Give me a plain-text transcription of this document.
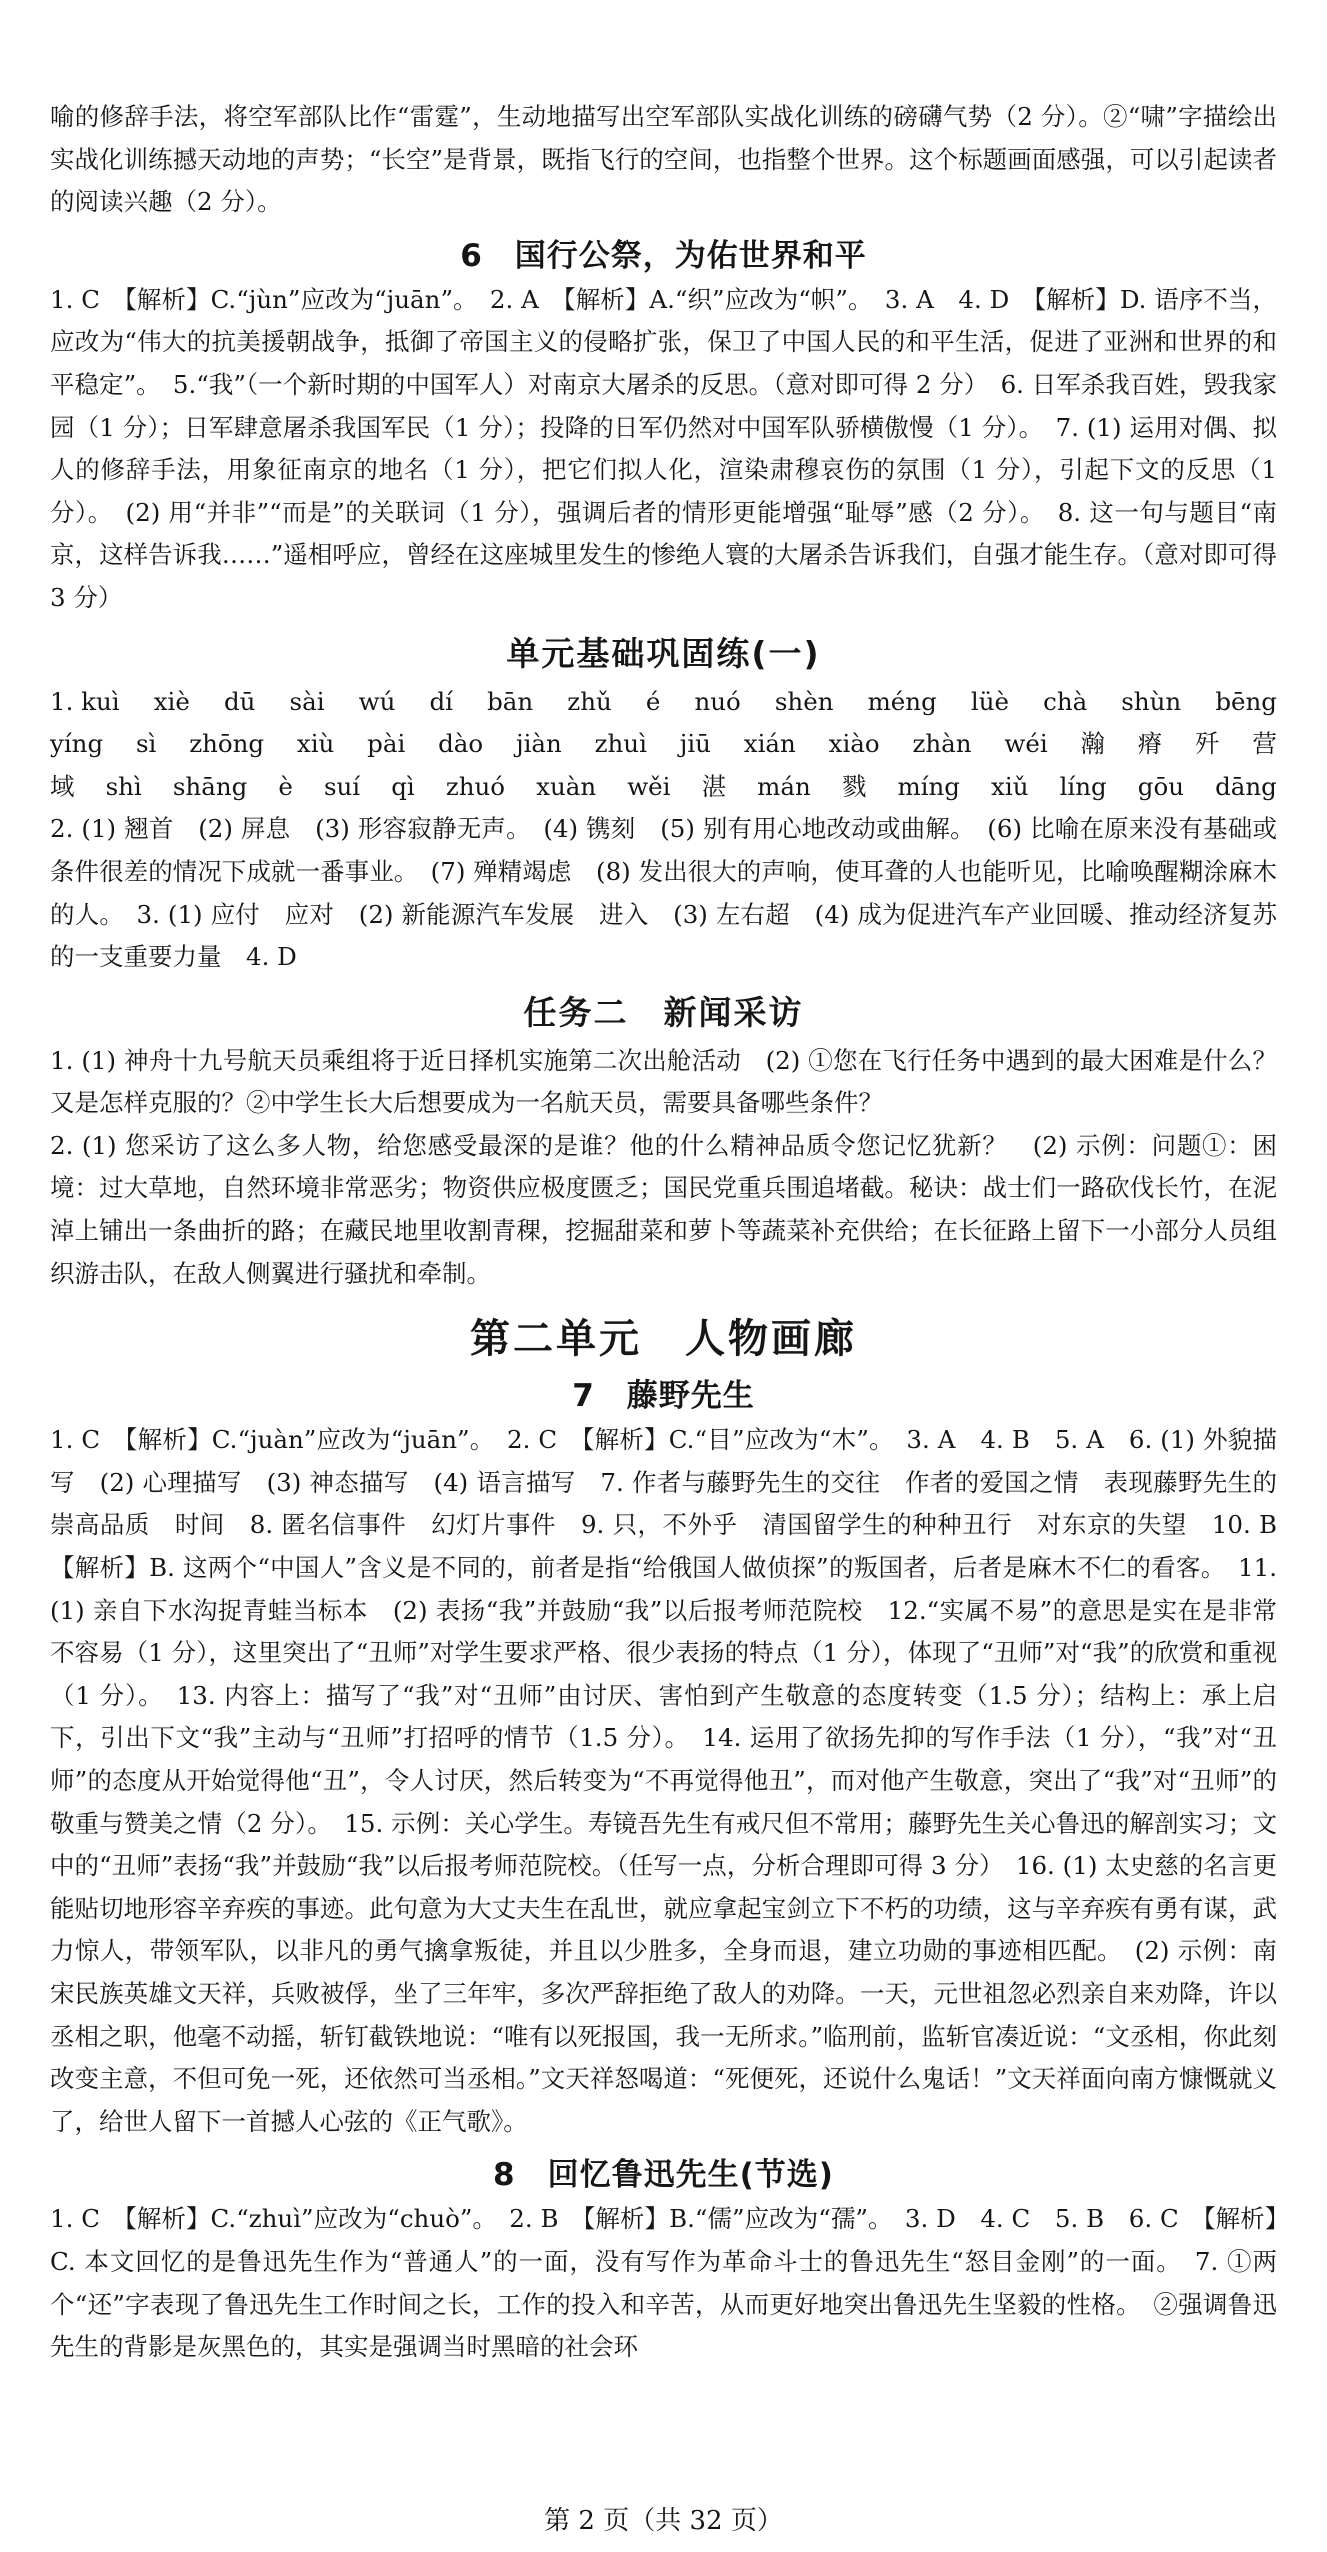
喻的修辞手法，将空军部队比作“雷霆”，生动地描写出空军部队实战化训练的磅礴气势（2 分）。②“啸”字描绘出实战化训练撼天动地的声势；“长空”是背景，既指飞行的空间，也指整个世界。这个标题画面感强，可以引起读者的阅读兴趣（2 分）。

6　国行公祭，为佑世界和平

1. C　【解析】C.“jùn”应改为“juān”。　2. A　【解析】A.“织”应改为“帜”。　3. A　4. D　【解析】D. 语序不当，应改为“伟大的抗美援朝战争，抵御了帝国主义的侵略扩张，保卫了中国人民的和平生活，促进了亚洲和世界的和平稳定”。　5.“我”（一个新时期的中国军人）对南京大屠杀的反思。（意对即可得 2 分）　6. 日军杀我百姓，毁我家园（1 分）；日军肆意屠杀我国军民（1 分）；投降的日军仍然对中国军队骄横傲慢（1 分）。　7. (1) 运用对偶、拟人的修辞手法，用象征南京的地名（1 分），把它们拟人化，渲染肃穆哀伤的氛围（1 分），引起下文的反思（1 分）。　(2) 用“并非”“而是”的关联词（1 分），强调后者的情形更能增强“耻辱”感（2 分）。　8. 这一句与题目“南京，这样告诉我……”遥相呼应，曾经在这座城里发生的惨绝人寰的大屠杀告诉我们，自强才能生存。（意对即可得 3 分）

单元基础巩固练(一)
1. kuì xiè dū sài wú dí bān zhǔ é nuó shèn méng lüè chà shùn bēng
yíng sì zhōng xiù pài dào jiàn zhuì jiū xián xiào zhàn wéi 瀚 瘠 歼 营
域 shì shāng è suí qì zhuó xuàn wěi 湛 mán 戮 míng xiǔ líng gōu dāng

2. (1) 翘首　(2) 屏息　(3) 形容寂静无声。　(4) 镌刻　(5) 别有用心地改动或曲解。　(6) 比喻在原来没有基础或条件很差的情况下成就一番事业。　(7) 殚精竭虑　(8) 发出很大的声响，使耳聋的人也能听见，比喻唤醒糊涂麻木的人。　3. (1) 应付　应对　(2) 新能源汽车发展　进入　(3) 左右超　(4) 成为促进汽车产业回暖、推动经济复苏的一支重要力量　4. D

任务二　新闻采访

1. (1) 神舟十九号航天员乘组将于近日择机实施第二次出舱活动　(2) ①您在飞行任务中遇到的最大困难是什么？又是怎样克服的？②中学生长大后想要成为一名航天员，需要具备哪些条件？

2. (1) 您采访了这么多人物，给您感受最深的是谁？他的什么精神品质令您记忆犹新？　(2) 示例：问题①：困境：过大草地，自然环境非常恶劣；物资供应极度匮乏；国民党重兵围追堵截。秘诀：战士们一路砍伐长竹，在泥淖上铺出一条曲折的路；在藏民地里收割青稞，挖掘甜菜和萝卜等蔬菜补充供给；在长征路上留下一小部分人员组织游击队，在敌人侧翼进行骚扰和牵制。

第二单元　人物画廊
7　藤野先生

1. C　【解析】C.“juàn”应改为“juān”。　2. C　【解析】C.“目”应改为“木”。　3. A　4. B　5. A　6. (1) 外貌描写　(2) 心理描写　(3) 神态描写　(4) 语言描写　7. 作者与藤野先生的交往　作者的爱国之情　表现藤野先生的崇高品质　时间　8. 匿名信事件　幻灯片事件　9. 只，不外乎　清国留学生的种种丑行　对东京的失望　10. B　【解析】B. 这两个“中国人”含义是不同的，前者是指“给俄国人做侦探”的叛国者，后者是麻木不仁的看客。　11. (1) 亲自下水沟捉青蛙当标本　(2) 表扬“我”并鼓励“我”以后报考师范院校　12.“实属不易”的意思是实在是非常不容易（1 分），这里突出了“丑师”对学生要求严格、很少表扬的特点（1 分），体现了“丑师”对“我”的欣赏和重视（1 分）。　13. 内容上：描写了“我”对“丑师”由讨厌、害怕到产生敬意的态度转变（1.5 分）；结构上：承上启下，引出下文“我”主动与“丑师”打招呼的情节（1.5 分）。　14. 运用了欲扬先抑的写作手法（1 分），“我”对“丑师”的态度从开始觉得他“丑”，令人讨厌，然后转变为“不再觉得他丑”，而对他产生敬意，突出了“我”对“丑师”的敬重与赞美之情（2 分）。　15. 示例：关心学生。寿镜吾先生有戒尺但不常用；藤野先生关心鲁迅的解剖实习；文中的“丑师”表扬“我”并鼓励“我”以后报考师范院校。（任写一点，分析合理即可得 3 分）　16. (1) 太史慈的名言更能贴切地形容辛弃疾的事迹。此句意为大丈夫生在乱世，就应拿起宝剑立下不朽的功绩，这与辛弃疾有勇有谋，武力惊人，带领军队，以非凡的勇气擒拿叛徒，并且以少胜多，全身而退，建立功勋的事迹相匹配。　(2) 示例：南宋民族英雄文天祥，兵败被俘，坐了三年牢，多次严辞拒绝了敌人的劝降。一天，元世祖忽必烈亲自来劝降，许以丞相之职，他毫不动摇，斩钉截铁地说：“唯有以死报国，我一无所求。”临刑前，监斩官凑近说：“文丞相，你此刻改变主意，不但可免一死，还依然可当丞相。”文天祥怒喝道：“死便死，还说什么鬼话！”文天祥面向南方慷慨就义了，给世人留下一首撼人心弦的《正气歌》。

8　回忆鲁迅先生(节选)

1. C　【解析】C.“zhuì”应改为“chuò”。　2. B　【解析】B.“儒”应改为“孺”。　3. D　4. C　5. B　6. C　【解析】C. 本文回忆的是鲁迅先生作为“普通人”的一面，没有写作为革命斗士的鲁迅先生“怒目金刚”的一面。　7. ①两个“还”字表现了鲁迅先生工作时间之长，工作的投入和辛苦，从而更好地突出鲁迅先生坚毅的性格。　②强调鲁迅先生的背影是灰黑色的，其实是强调当时黑暗的社会环

第 2 页（共 32 页）
